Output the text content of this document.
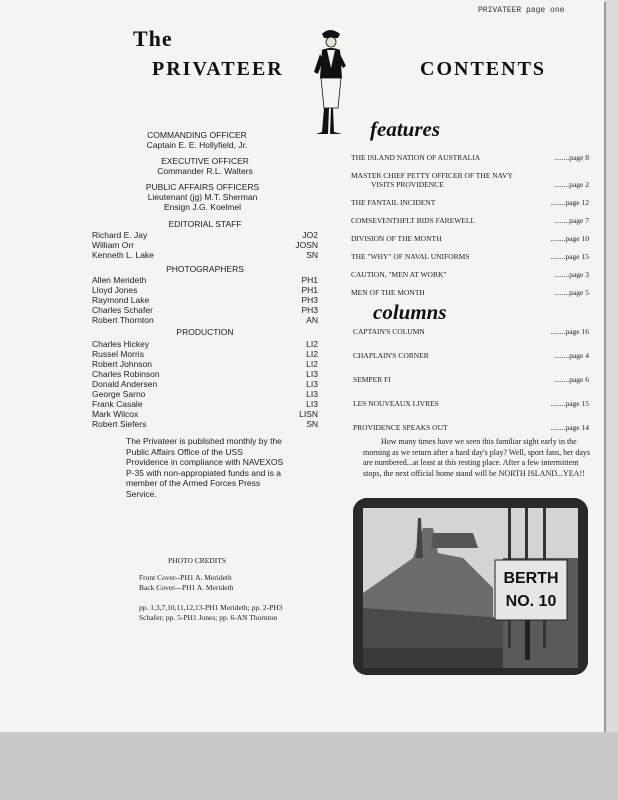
PRIVATEER page one
The
PRIVATEER	CONTENTS
COMMANDING OFFICER
Captain E. E. Hollyfield, Jr.
EXECUTIVE OFFICER
Commander R.L. Walters
PUBLIC AFFAIRS OFFICERS
Lieutenant (jg) M.T. Sherman
Ensign J.G. Koelmel
EDITORIAL STAFF
Richard E. Jay	JO2
William Orr	JOSN
Kenneth L. Lake	SN
PHOTOGRAPHERS
Allen Merideth	PH1
Lloyd Jones	PH1
Raymond Lake	PH3
Charles Schafer	PH3
Robert Thornton	AN
PRODUCTION
Charles Hickey	LI2
Russel Morris	LI2
Robert Johnson	LI2
Charles Robinson	LI3
Donald Andersen	LI3
George Sarno	LI3
Frank Casale	LI3
Mark Wilcox	LISN
Robert Siefers	SN
The Privateer is published monthly by the Public Affairs Office of the USS Providence in compliance with NAVEXOS P-35 with non-appropiated funds and is a member of the Armed Forces Press Service.
PHOTO CREDITS
Front Cover--PH1 A. Merideth
Back Cover---PH1 A. Merideth
pp. 1,3,7,10,11,12,13-PH1 Merideth; pp. 2-PH3 Schafer; pp. 5-PH1 Jones; pp. 6-AN Thornton
features
THE ISLAND NATION OF AUSTRALIA	........page 8
MASTER CHIEF PETTY OFFICER OF THE NAVY
VISITS PROVIDENCE	........page 2
THE FANTAIL INCIDENT	........page 12
COMSEVENTHFLT BIDS FAREWELL	........page 7
DIVISION OF THE MONTH	........page 10
THE "WHY" OF NAVAL UNIFORMS	........page 15
CAUTION, "MEN AT WORK"	........page 3
MEN OF THE MONTH	........page 5
columns
CAPTAIN'S COLUMN	........page 16
CHAPLAIN'S CORNER	........page 4
SEMPER FI	........page 6
LES NOUVEAUX LIVRES	........page 15
PROVIDENCE SPEAKS OUT	........page 14
How many times have we seen this familiar sight early in the morning as we return after a hard day's play? Well, sport fans, her days are numbered...at least at this resting place. After a few intermittent stops, the next official home stand will be NORTH ISLAND...YEA!!
BERTH
NO. 10
